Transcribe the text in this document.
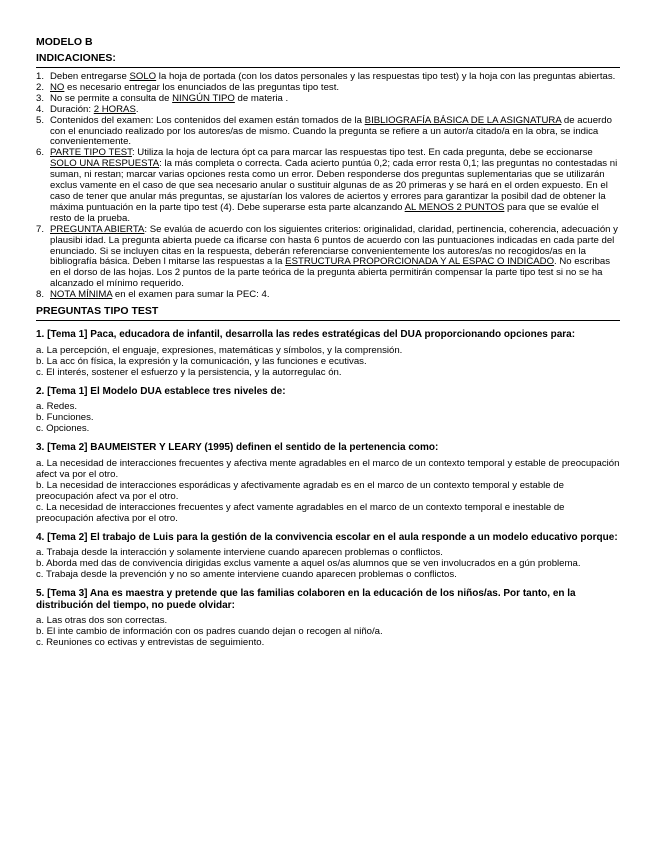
MODELO B
INDICACIONES:
1. Deben entregarse SOLO la hoja de portada (con los datos personales y las respuestas tipo test) y la hoja con las preguntas abiertas.
2. NO es necesario entregar los enunciados de las preguntas tipo test.
3. No se permite a consulta de NINGÚN TIPO de materia .
4. Duración: 2 HORAS.
5. Contenidos del examen: Los contenidos del examen están tomados de la BIBLIOGRAFÍA BÁSICA DE LA ASIGNATURA de acuerdo con el enunciado realizado por los autores/as de mismo. Cuando la pregunta se refiere a un autor/a citado/a en la obra, se indica convenientemente.
6. PARTE TIPO TEST: Utiliza la hoja de lectura ópt ca para marcar las respuestas tipo test. En cada pregunta, debe se eccionarse SOLO UNA RESPUESTA: la más completa o correcta. Cada acierto puntúa 0,2; cada error resta 0,1; las preguntas no contestadas ni suman, ni restan; marcar varias opciones resta como un error. Deben responderse dos preguntas suplementarias que se utilizarán exclus vamente en el caso de que sea necesario anular o sustituir algunas de as 20 primeras y se hará en el orden expuesto. En el caso de tener que anular más preguntas, se ajustarían los valores de aciertos y errores para garantizar la posibil dad de obtener la máxima puntuación en la parte tipo test (4). Debe superarse esta parte alcanzando AL MENOS 2 PUNTOS para que se evalúe el resto de la prueba.
7. PREGUNTA ABIERTA: Se evalúa de acuerdo con los siguientes criterios: originalidad, claridad, pertinencia, coherencia, adecuación y plausibi idad. La pregunta abierta puede ca ificarse con hasta 6 puntos de acuerdo con las puntuaciones indicadas en cada parte del enunciado. Si se incluyen citas en la respuesta, deberán referenciarse convenientemente los autores/as no recogidos/as en la bibliografía básica. Deben l mitarse las respuestas a la ESTRUCTURA PROPORCIONADA Y AL ESPAC O INDICADO. No escribas en el dorso de las hojas. Los 2 puntos de la parte teórica de la pregunta abierta permitirán compensar la parte tipo test si no se ha alcanzado el mínimo requerido.
8. NOTA MÍNIMA en el examen para sumar la PEC: 4.
PREGUNTAS TIPO TEST
1. [Tema 1] Paca, educadora de infantil, desarrolla las redes estratégicas del DUA proporcionando opciones para:
a. La percepción, el enguaje, expresiones, matemáticas y símbolos, y la comprensión.
b. La acc ón física, la expresión y la comunicación, y las funciones e ecutivas.
c. El interés, sostener el esfuerzo y la persistencia, y la autorregulac ón.
2. [Tema 1] El Modelo DUA establece tres niveles de:
a. Redes.
b. Funciones.
c. Opciones.
3. [Tema 2] BAUMEISTER Y LEARY (1995) definen el sentido de la pertenencia como:
a. La necesidad de interacciones frecuentes y afectiva mente agradables en el marco de un contexto temporal y estable de preocupación afect va por el otro.
b. La necesidad de interacciones esporádicas y afectivamente agradab es en el marco de un contexto temporal y estable de preocupación afect va por el otro.
c. La necesidad de interacciones frecuentes y afect vamente agradables en el marco de un contexto temporal e inestable de preocupación afectiva por el otro.
4. [Tema 2] El trabajo de Luis para la gestión de la convivencia escolar en el aula responde a un modelo educativo porque:
a. Trabaja desde la interacción y solamente interviene cuando aparecen problemas o conflictos.
b. Aborda med das de convivencia dirigidas exclus vamente a aquel os/as alumnos que se ven involucrados en a gún problema.
c. Trabaja desde la prevención y no so amente interviene cuando aparecen problemas o conflictos.
5. [Tema 3] Ana es maestra y pretende que las familias colaboren en la educación de los niños/as. Por tanto, en la distribución del tiempo, no puede olvidar:
a. Las otras dos son correctas.
b. El inte cambio de información con os padres cuando dejan o recogen al niño/a.
c. Reuniones co ectivas y entrevistas de seguimiento.
